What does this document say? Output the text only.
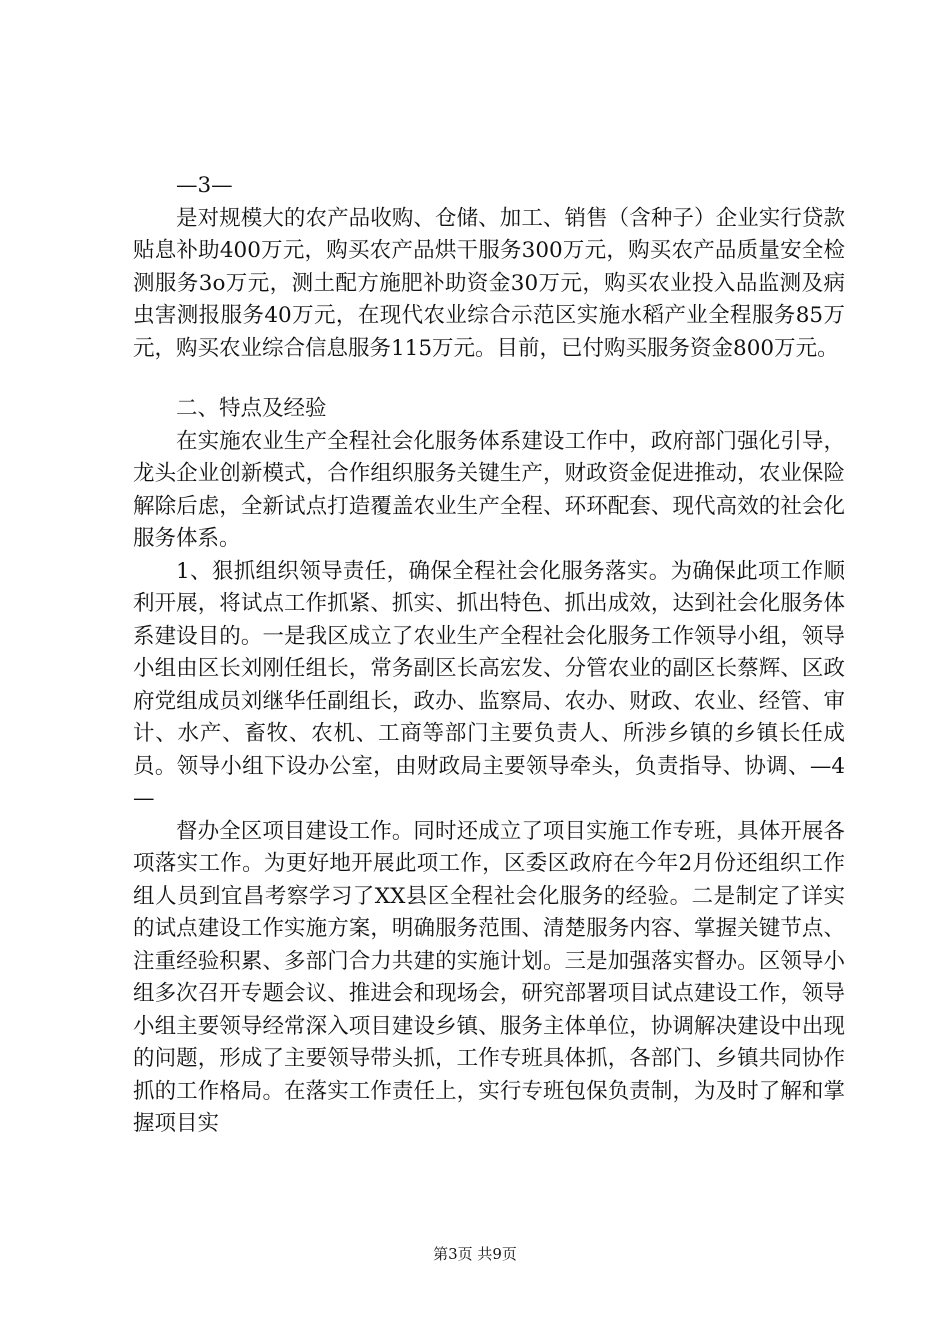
—3—

是对规模大的农产品收购、仓储、加工、销售（含种子）企业实行贷款贴息补助400万元，购买农产品烘干服务300万元，购买农产品质量安全检测服务3o万元，测土配方施肥补助资金30万元，购买农业投入品监测及病虫害测报服务40万元，在现代农业综合示范区实施水稻产业全程服务85万元，购买农业综合信息服务115万元。目前，已付购买服务资金800万元。

二、特点及经验

在实施农业生产全程社会化服务体系建设工作中，政府部门强化引导，龙头企业创新模式，合作组织服务关键生产，财政资金促进推动，农业保险解除后虑，全新试点打造覆盖农业生产全程、环环配套、现代高效的社会化服务体系。

1、狠抓组织领导责任，确保全程社会化服务落实。为确保此项工作顺利开展，将试点工作抓紧、抓实、抓出特色、抓出成效，达到社会化服务体系建设目的。一是我区成立了农业生产全程社会化服务工作领导小组，领导小组由区长刘刚任组长，常务副区长高宏发、分管农业的副区长蔡辉、区政府党组成员刘继华任副组长，政办、监察局、农办、财政、农业、经管、审计、水产、畜牧、农机、工商等部门主要负责人、所涉乡镇的乡镇长任成员。领导小组下设办公室，由财政局主要领导牵头，负责指导、协调、—4—

督办全区项目建设工作。同时还成立了项目实施工作专班，具体开展各项落实工作。为更好地开展此项工作，区委区政府在今年2月份还组织工作组人员到宜昌考察学习了XX县区全程社会化服务的经验。二是制定了详实的试点建设工作实施方案，明确服务范围、清楚服务内容、掌握关键节点、注重经验积累、多部门合力共建的实施计划。三是加强落实督办。区领导小组多次召开专题会议、推进会和现场会，研究部署项目试点建设工作，领导小组主要领导经常深入项目建设乡镇、服务主体单位，协调解决建设中出现的问题，形成了主要领导带头抓，工作专班具体抓，各部门、乡镇共同协作抓的工作格局。在落实工作责任上，实行专班包保负责制，为及时了解和掌握项目实

第3页 共9页
